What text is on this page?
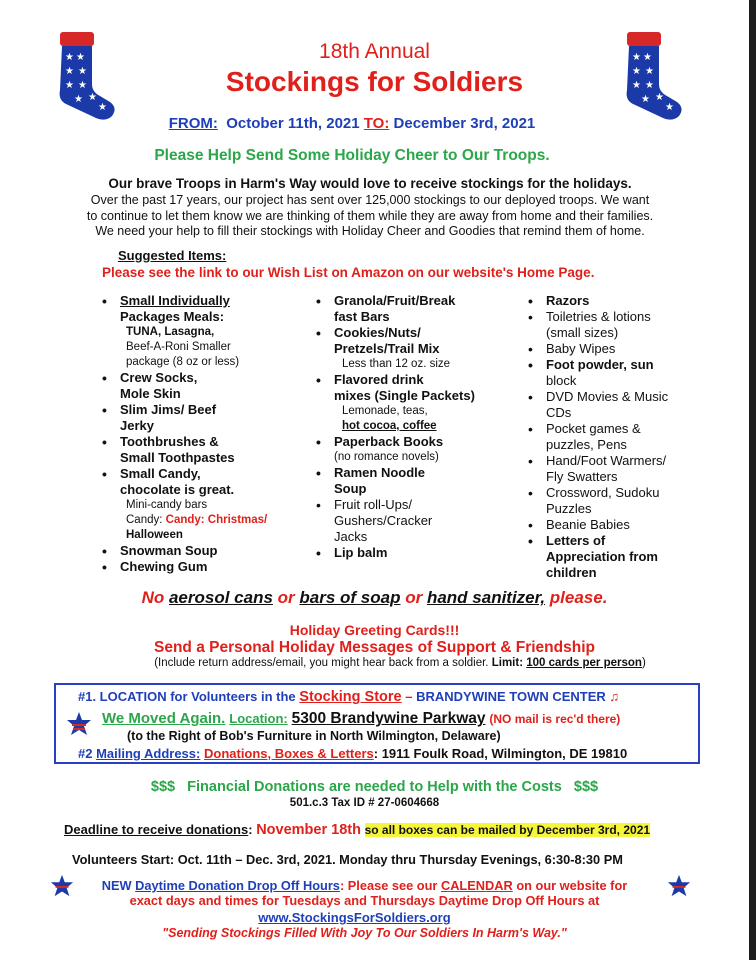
★ ★
★ ★
★ ★
★
★
★
★ ★
★ ★
★ ★
★
★
★
18th Annual
Stockings for Soldiers
FROM: October 11th, 2021 TO: December 3rd, 2021
Please Help Send Some Holiday Cheer to Our Troops.
Our brave Troops in Harm's Way would love to receive stockings for the holidays.
Over the past 17 years, our project has sent over 125,000 stockings to our deployed troops. We want
to continue to let them know we are thinking of them while they are away from home and their families.
We need your help to fill their stockings with Holiday Cheer and Goodies that remind them of home.
Suggested Items:
Please see the link to our Wish List on Amazon on our website's Home Page.
• Small Individually
Packages Meals:
TUNA, Lasagna,
Beef-A-Roni Smaller
package (8 oz or less)
• Crew Socks,
Mole Skin
• Slim Jims/ Beef
Jerky
• Toothbrushes &
Small Toothpastes
• Small Candy,
chocolate is great.
Mini-candy bars
Candy: Candy: Christmas/
Halloween
• Snowman Soup
• Chewing Gum
• Granola/Fruit/Break
fast Bars
• Cookies/Nuts/
Pretzels/Trail Mix
Less than 12 oz. size
• Flavored drink
mixes (Single Packets)
Lemonade, teas,
hot cocoa, coffee
• Paperback Books
(no romance novels)
• Ramen Noodle
Soup
• Fruit roll-Ups/
Gushers/Cracker
Jacks
• Lip balm
• Razors
• Toiletries & lotions
(small sizes)
• Baby Wipes
• Foot powder, sun
block
• DVD Movies & Music
CDs
• Pocket games &
puzzles, Pens
• Hand/Foot Warmers/
Fly Swatters
• Crossword, Sudoku
Puzzles
• Beanie Babies
• Letters of
Appreciation from
children
No aerosol cans or bars of soap or hand sanitizer, please.
Holiday Greeting Cards!!!
Send a Personal Holiday Messages of Support & Friendship
(Include return address/email, you might hear back from a soldier. Limit: 100 cards per person)
#1. LOCATION for Volunteers in the Stocking Store – BRANDYWINE TOWN CENTER ♫
We Moved Again. Location: 5300 Brandywine Parkway (NO mail is rec'd there)
(to the Right of Bob's Furniture in North Wilmington, Delaware)
#2 Mailing Address: Donations, Boxes & Letters: 1911 Foulk Road, Wilmington, DE 19810
$$$ Financial Donations are needed to Help with the Costs $$$
501.c.3 Tax ID # 27-0604668
Deadline to receive donations: November 18th so all boxes can be mailed by December 3rd, 2021
Volunteers Start: Oct. 11th – Dec. 3rd, 2021. Monday thru Thursday Evenings, 6:30-8:30 PM
NEW Daytime Donation Drop Off Hours: Please see our CALENDAR on our website for
exact days and times for Tuesdays and Thursdays Daytime Drop Off Hours at
www.StockingsForSoldiers.org
"Sending Stockings Filled With Joy To Our Soldiers In Harm's Way."
